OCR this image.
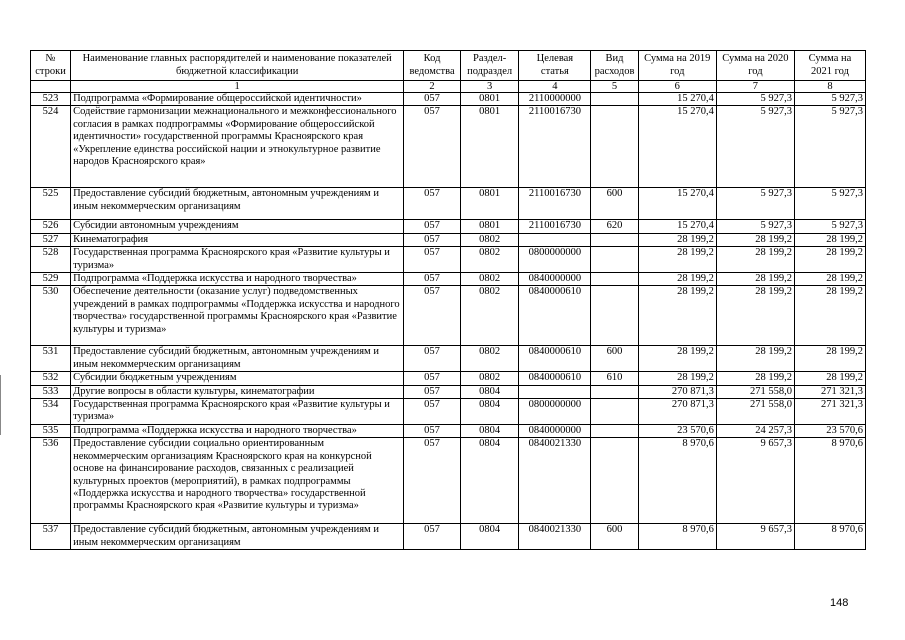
№ строки	Наименование главных распорядителей и наименование показателей бюджетной классификации	Код ведомства	Раздел-подраздел	Целевая статья	Вид расходов	Сумма на 2019 год	Сумма на 2020 год	Сумма на 2021 год
	1	2	3	4	5	6	7	8
523	Подпрограмма «Формирование общероссийской идентичности»	057	0801	2110000000		15 270,4	5 927,3	5 927,3
524	Содействие гармонизации межнационального и межконфессионального согласия в рамках подпрограммы «Формирование общероссийской идентичности» государственной программы Красноярского края «Укрепление единства российской нации и этнокультурное развитие народов Красноярского края»	057	0801	2110016730		15 270,4	5 927,3	5 927,3
525	Предоставление субсидий бюджетным, автономным учреждениям и иным некоммерческим организациям	057	0801	2110016730	600	15 270,4	5 927,3	5 927,3
526	Субсидии автономным учреждениям	057	0801	2110016730	620	15 270,4	5 927,3	5 927,3
527	Кинематография	057	0802			28 199,2	28 199,2	28 199,2
528	Государственная программа Красноярского края «Развитие культуры и туризма»	057	0802	0800000000		28 199,2	28 199,2	28 199,2
529	Подпрограмма «Поддержка искусства и народного творчества»	057	0802	0840000000		28 199,2	28 199,2	28 199,2
530	Обеспечение деятельности (оказание услуг) подведомственных учреждений в рамках подпрограммы «Поддержка искусства и народного творчества» государственной программы Красноярского края «Развитие культуры и туризма»	057	0802	0840000610		28 199,2	28 199,2	28 199,2
531	Предоставление субсидий бюджетным, автономным учреждениям и иным некоммерческим организациям	057	0802	0840000610	600	28 199,2	28 199,2	28 199,2
532	Субсидии бюджетным учреждениям	057	0802	0840000610	610	28 199,2	28 199,2	28 199,2
533	Другие вопросы в области культуры, кинематографии	057	0804			270 871,3	271 558,0	271 321,3
534	Государственная программа Красноярского края «Развитие культуры и туризма»	057	0804	0800000000		270 871,3	271 558,0	271 321,3
535	Подпрограмма «Поддержка искусства и народного творчества»	057	0804	0840000000		23 570,6	24 257,3	23 570,6
536	Предоставление субсидии социально ориентированным некоммерческим организациям Красноярского края на конкурсной основе на финансирование расходов, связанных с реализацией культурных проектов (мероприятий), в рамках подпрограммы «Поддержка искусства и народного творчества» государственной программы Красноярского края «Развитие культуры и туризма»	057	0804	0840021330		8 970,6	9 657,3	8 970,6
537	Предоставление субсидий бюджетным, автономным учреждениям и иным некоммерческим организациям	057	0804	0840021330	600	8 970,6	9 657,3	8 970,6
148
